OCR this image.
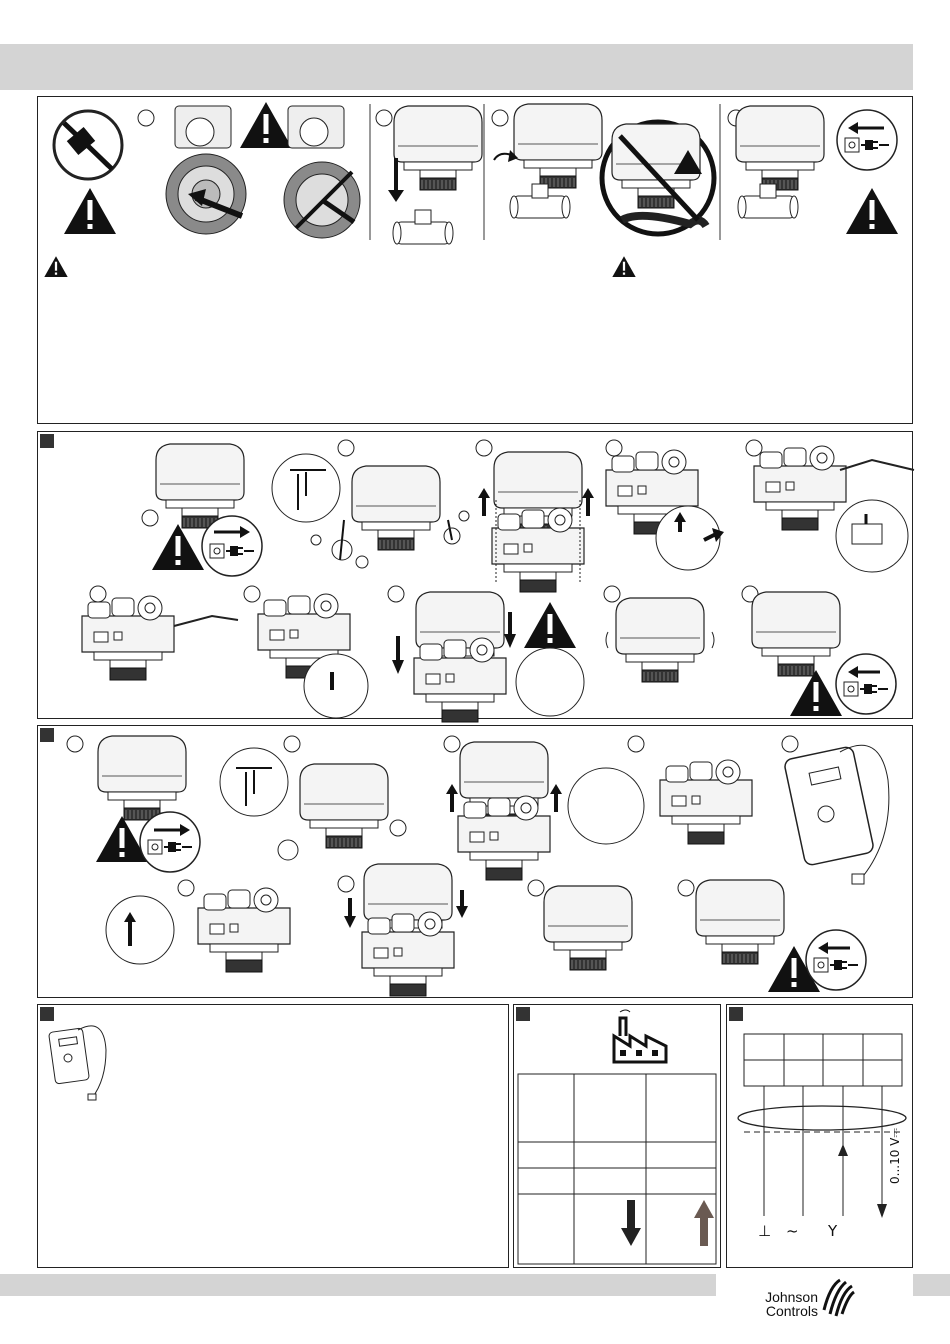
⊥ ~ Y
0...10 V⎓
Johnson
Controls
